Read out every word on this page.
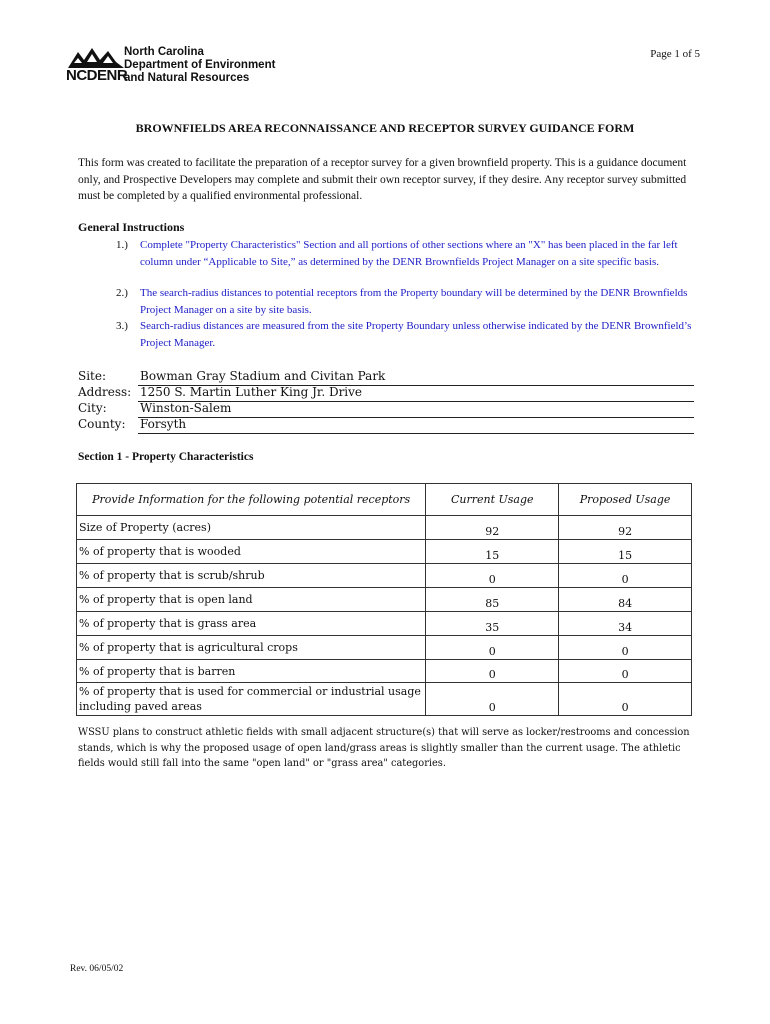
NCDENR
North Carolina
Department of Environment
and Natural Resources
Page 1 of 5
BROWNFIELDS AREA RECONNAISSANCE AND RECEPTOR SURVEY GUIDANCE FORM
This form was created to facilitate the preparation of a receptor survey for a given brownfield property. This is a guidance document only, and Prospective Developers may complete and submit their own receptor survey, if they desire. Any receptor survey submitted must be completed by a qualified environmental professional.
General Instructions
1.) Complete "Property Characteristics" Section and all portions of other sections where an "X" has been placed in the far left column under “Applicable to Site,” as determined by the DENR Brownfields Project Manager on a site specific basis.
2.) The search-radius distances to potential receptors from the Property boundary will be determined by the DENR Brownfields Project Manager on a site by site basis.
3.) Search-radius distances are measured from the site Property Boundary unless otherwise indicated by the DENR Brownfield’s Project Manager.
Site:	Bowman Gray Stadium and Civitan Park
Address: 1250 S. Martin Luther King Jr. Drive
City:	Winston-Salem
County: Forsyth
Section 1 - Property Characteristics
Provide Information for the following potential receptors	Current Usage	Proposed Usage
Size of Property (acres)	92	92
% of property that is wooded	15	15
% of property that is scrub/shrub	0	0
% of property that is open land	85	84
% of property that is grass area	35	34
% of property that is agricultural crops	0	0
% of property that is barren	0	0
% of property that is used for commercial or industrial usage including paved areas	0	0
WSSU plans to construct athletic fields with small adjacent structure(s) that will serve as locker/restrooms and concession stands, which is why the proposed usage of open land/grass areas is slightly smaller than the current usage. The athletic fields would still fall into the same "open land" or "grass area" categories.
Rev. 06/05/02
